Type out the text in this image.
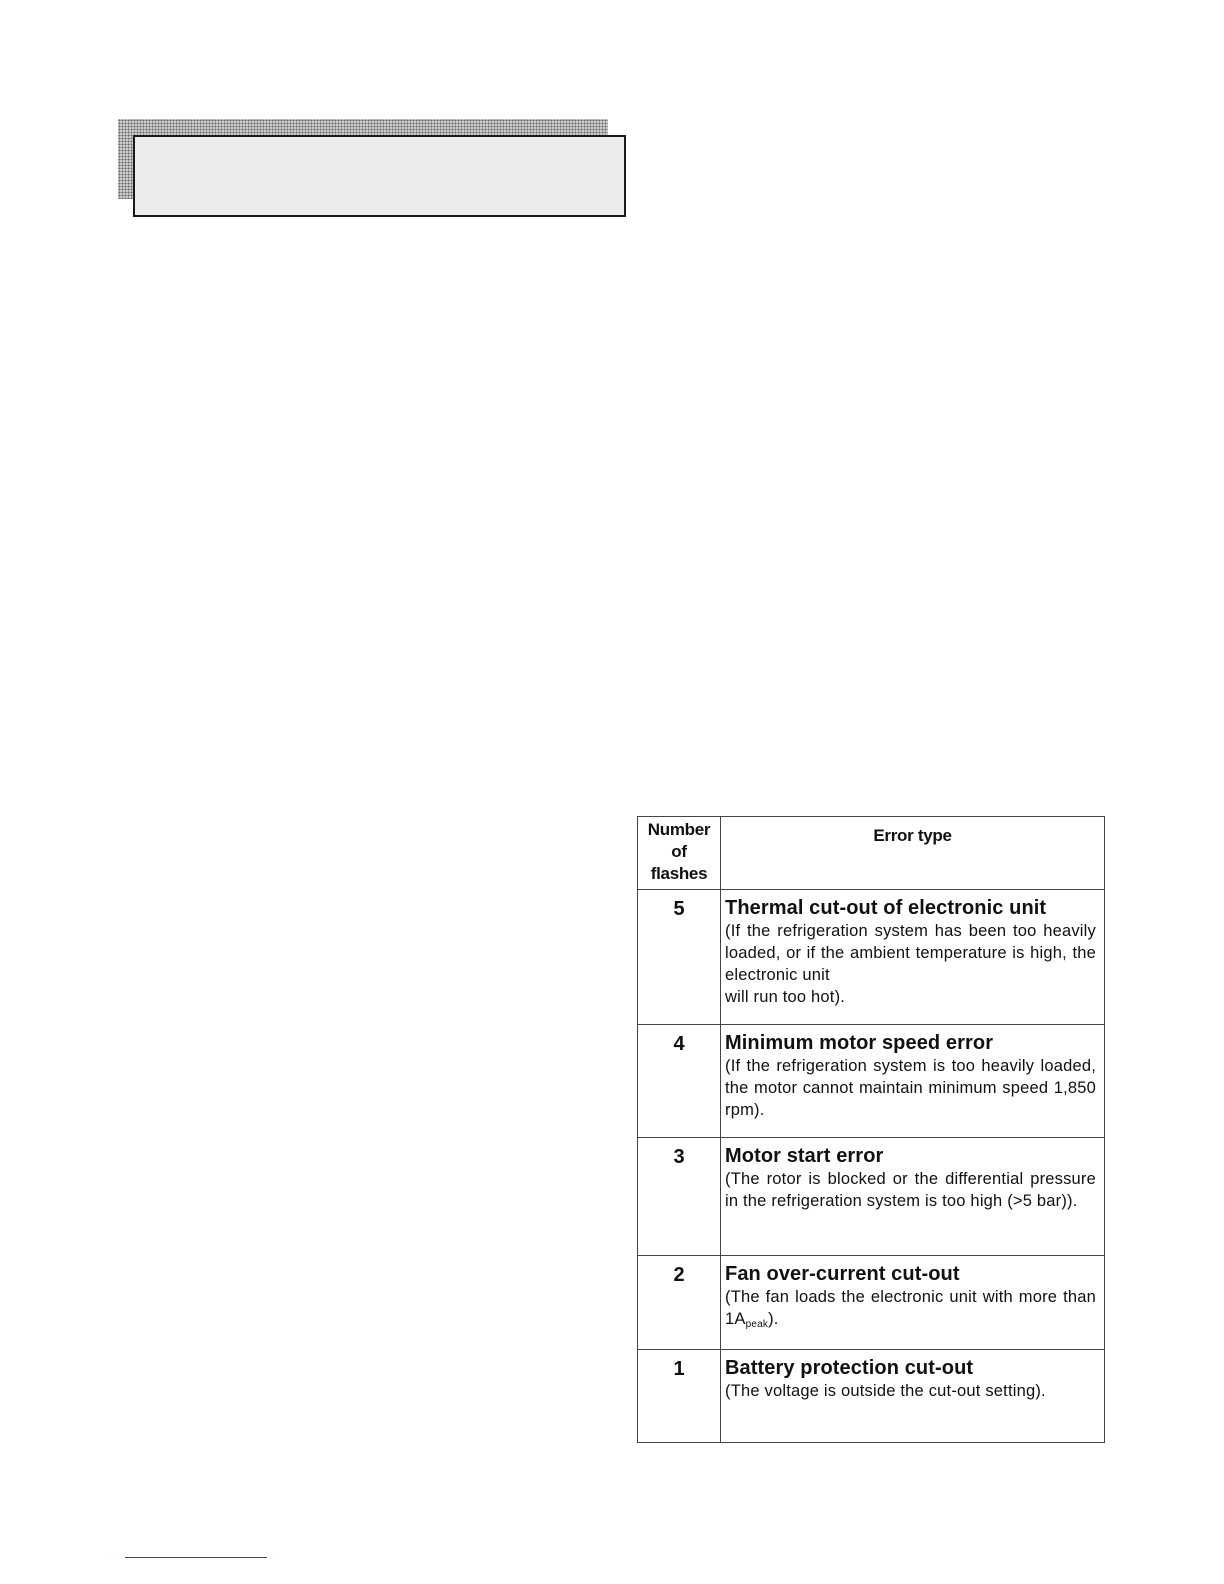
Number
of
flashes	Error type
5	Thermal cut-out of electronic unit
(If the refrigeration system has been too heavily loaded, or if the ambient temperature is high, the electronic unit
will run too hot).

4	Minimum motor speed error
(If the refrigeration system is too heavily loaded, the motor cannot maintain minimum speed 1,850 rpm).

3	Motor start error
(The rotor is blocked or the differential pressure in the refrigeration system is too high (>5 bar)).

2	Fan over-current cut-out
(The fan loads the electronic unit with more than $1A_{peak}$).

1	Battery protection cut-out
(The voltage is outside the cut-out setting).
